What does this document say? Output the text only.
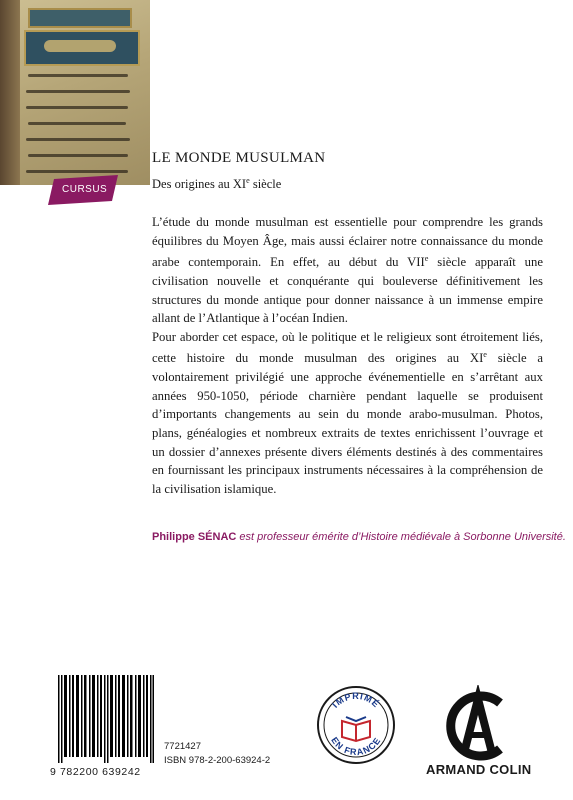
CURSUS
LE MONDE MUSULMAN

Des origines au XIe siècle

L’étude du monde musulman est essentielle pour comprendre les grands équilibres du Moyen Âge, mais aussi éclairer notre connaissance du monde arabe contemporain. En effet, au début du VIIe siècle apparaît une civilisation nouvelle et conquérante qui bouleverse définitivement les structures du monde antique pour donner naissance à un immense empire allant de l’Atlantique à l’océan Indien.

Pour aborder cet espace, où le politique et le religieux sont étroitement liés, cette histoire du monde musulman des origines au XIe siècle a volontairement privilégié une approche événementielle en s’arrêtant aux années 950-1050, période charnière pendant laquelle se produisent d’importants changements au sein du monde arabo-musulman. Photos, plans, généalogies et nombreux extraits de textes enrichissent l’ouvrage et un dossier d’annexes présente divers éléments destinés à des commentaires en fournissant les principaux instruments nécessaires à la compréhension de la civilisation islamique.

Philippe SÉNAC est professeur émérite d’Histoire médiévale à Sorbonne Université.
9 782200 639242
7721427
ISBN 978-2-200-63924-2
IMPRIMÉ
EN FRANCE
ARMAND COLIN
